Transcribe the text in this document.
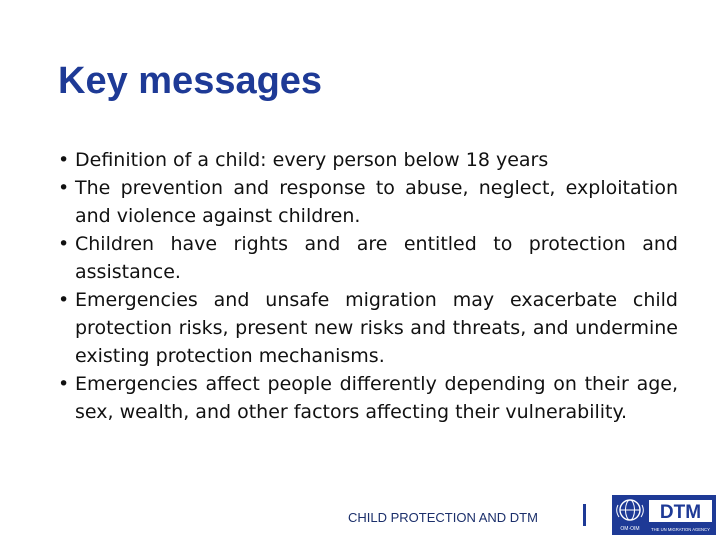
Key messages
• Definition of a child: every person below 18 years
• The prevention and response to abuse, neglect, exploitation and violence against children.
• Children have rights and are entitled to protection and assistance.
• Emergencies and unsafe migration may exacerbate child protection risks, present new risks and threats, and undermine existing protection mechanisms.
• Emergencies affect people differently depending on their age, sex, wealth, and other factors affecting their vulnerability.
CHILD PROTECTION AND DTM
OM·OIM
DTM
THE UN MIGRATION AGENCY
